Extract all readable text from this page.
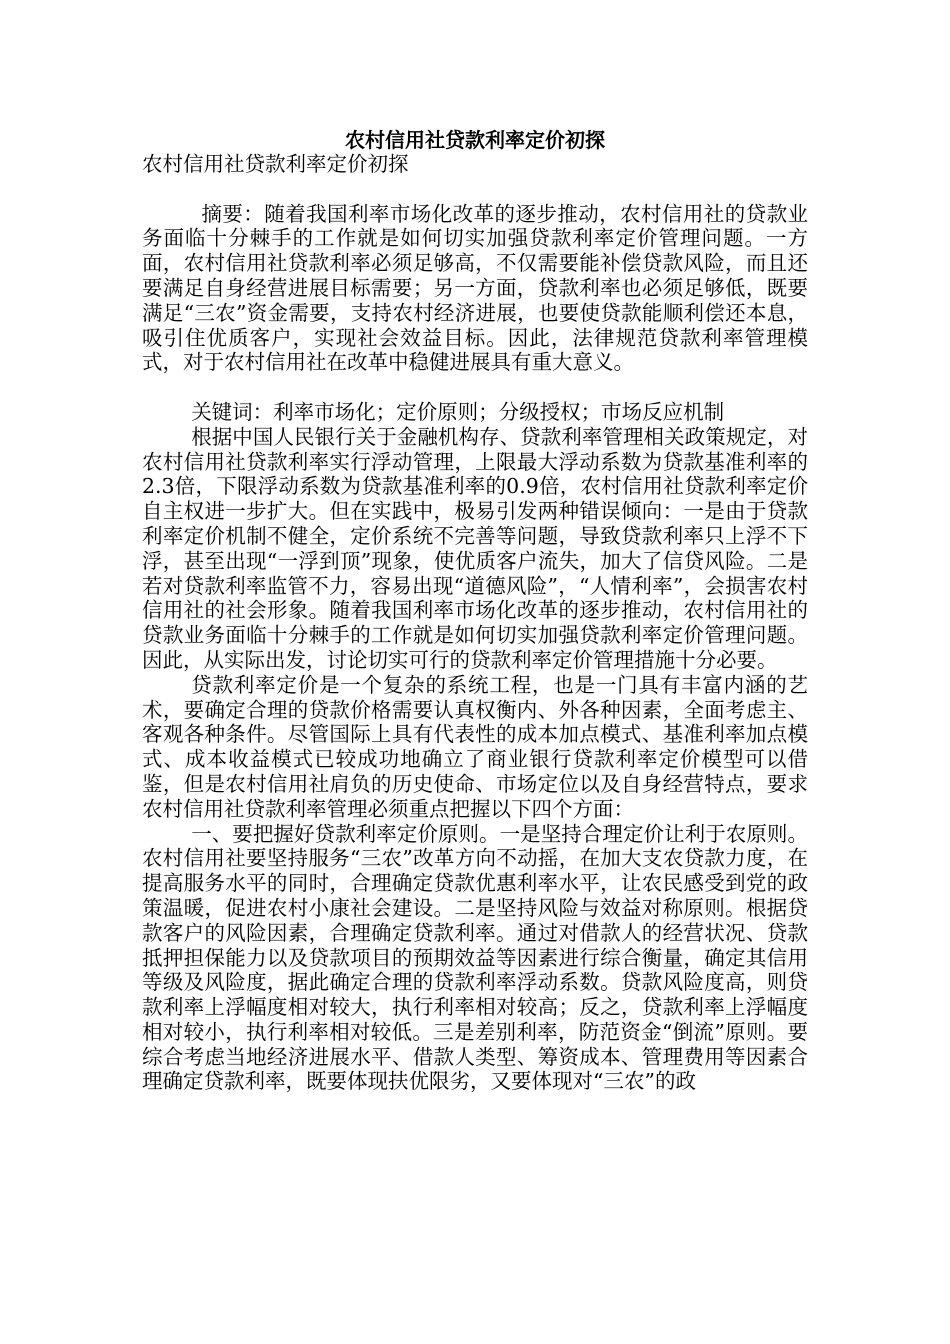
农村信用社贷款利率定价初探

农村信用社贷款利率定价初探

摘要：随着我国利率市场化改革的逐步推动，农村信用社的贷款业务面临十分棘手的工作就是如何切实加强贷款利率定价管理问题。一方面，农村信用社贷款利率必须足够高，不仅需要能补偿贷款风险，而且还要满足自身经营进展目标需要；另一方面，贷款利率也必须足够低，既要满足“三农”资金需要，支持农村经济进展，也要使贷款能顺利偿还本息，吸引住优质客户，实现社会效益目标。因此，法律规范贷款利率管理模式，对于农村信用社在改革中稳健进展具有重大意义。

关键词：利率市场化；定价原则；分级授权；市场反应机制

根据中国人民银行关于金融机构存、贷款利率管理相关政策规定，对农村信用社贷款利率实行浮动管理，上限最大浮动系数为贷款基准利率的2.3倍，下限浮动系数为贷款基准利率的0.9倍，农村信用社贷款利率定价自主权进一步扩大。但在实践中，极易引发两种错误倾向：一是由于贷款利率定价机制不健全，定价系统不完善等问题，导致贷款利率只上浮不下浮，甚至出现“一浮到顶”现象，使优质客户流失，加大了信贷风险。二是若对贷款利率监管不力，容易出现“道德风险”，“人情利率”，会损害农村信用社的社会形象。随着我国利率市场化改革的逐步推动，农村信用社的贷款业务面临十分棘手的工作就是如何切实加强贷款利率定价管理问题。因此，从实际出发，讨论切实可行的贷款利率定价管理措施十分必要。

贷款利率定价是一个复杂的系统工程，也是一门具有丰富内涵的艺术，要确定合理的贷款价格需要认真权衡内、外各种因素，全面考虑主、客观各种条件。尽管国际上具有代表性的成本加点模式、基准利率加点模式、成本收益模式已较成功地确立了商业银行贷款利率定价模型可以借鉴，但是农村信用社肩负的历史使命、市场定位以及自身经营特点，要求农村信用社贷款利率管理必须重点把握以下四个方面：

一、要把握好贷款利率定价原则。一是坚持合理定价让利于农原则。农村信用社要坚持服务“三农”改革方向不动摇，在加大支农贷款力度，在提高服务水平的同时，合理确定贷款优惠利率水平，让农民感受到党的政策温暖，促进农村小康社会建设。二是坚持风险与效益对称原则。根据贷款客户的风险因素，合理确定贷款利率。通过对借款人的经营状况、贷款抵押担保能力以及贷款项目的预期效益等因素进行综合衡量，确定其信用等级及风险度，据此确定合理的贷款利率浮动系数。贷款风险度高，则贷款利率上浮幅度相对较大，执行利率相对较高；反之，贷款利率上浮幅度相对较小，执行利率相对较低。三是差别利率，防范资金“倒流”原则。要综合考虑当地经济进展水平、借款人类型、筹资成本、管理费用等因素合理确定贷款利率，既要体现扶优限劣，又要体现对“三农”的政
